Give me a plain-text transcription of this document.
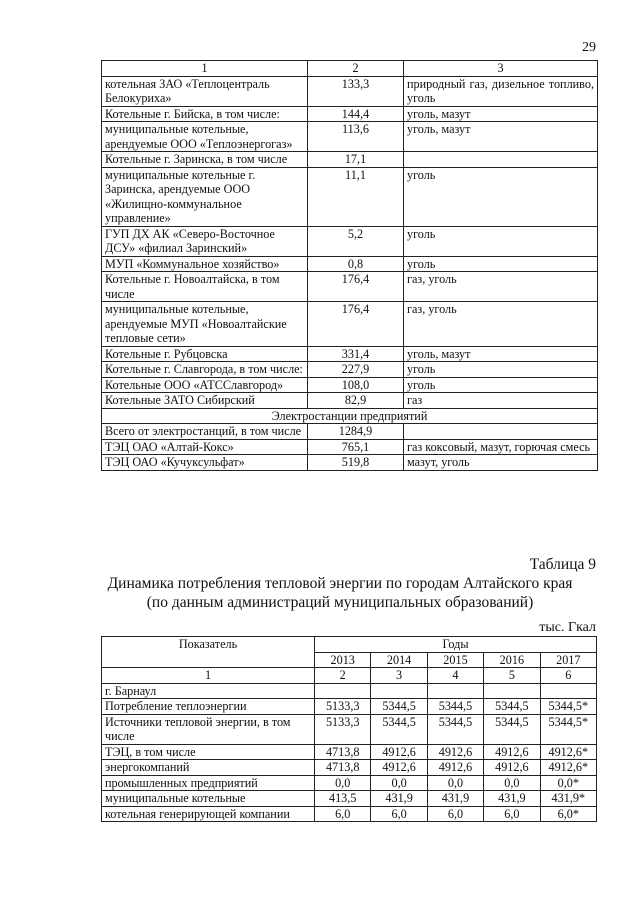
29
1	2	3
котельная ЗАО «Теплоцентраль Белокуриха»	133,3	природный газ, дизельное топливо, уголь
Котельные г. Бийска, в том числе:	144,4	уголь, мазут
муниципальные котельные, арендуемые ООО «Теплоэнергогаз»	113,6	уголь, мазут
Котельные г. Заринска, в том числе	17,1	
муниципальные котельные г. Заринска, арендуемые ООО «Жилищно-коммунальное управление»	11,1	уголь
ГУП ДХ АК «Северо-Восточное ДСУ» «филиал Заринский»	5,2	уголь
МУП «Коммунальное хозяйство»	0,8	уголь
Котельные г. Новоалтайска, в том числе	176,4	газ, уголь
муниципальные котельные, арендуемые МУП «Новоалтайские тепловые сети»	176,4	газ, уголь
Котельные г. Рубцовска	331,4	уголь, мазут
Котельные г. Славгорода, в том числе:	227,9	уголь
Котельные ООО «АТССлавгород»	108,0	уголь
Котельные ЗАТО Сибирский	82,9	газ
Электростанции предприятий		
Всего от электростанций, в том числе	1284,9	
ТЭЦ ОАО «Алтай-Кокс»	765,1	газ коксовый, мазут, горючая смесь
ТЭЦ ОАО «Кучуксульфат»	519,8	мазут, уголь
Таблица 9
Динамика потребления тепловой энергии по городам Алтайского края
(по данным администраций муниципальных образований)
тыс. Гкал
Показатель	Годы				
	2013	2014	2015	2016	2017
1	2	3	4	5	6
г. Барнаул					
Потребление теплоэнергии	5133,3	5344,5	5344,5	5344,5	5344,5*
Источники тепловой энергии, в том числе	5133,3	5344,5	5344,5	5344,5	5344,5*
ТЭЦ, в том числе	4713,8	4912,6	4912,6	4912,6	4912,6*
энергокомпаний	4713,8	4912,6	4912,6	4912,6	4912,6*
промышленных предприятий	0,0	0,0	0,0	0,0	0,0*
муниципальные котельные	413,5	431,9	431,9	431,9	431,9*
котельная генерирующей компании	6,0	6,0	6,0	6,0	6,0*
